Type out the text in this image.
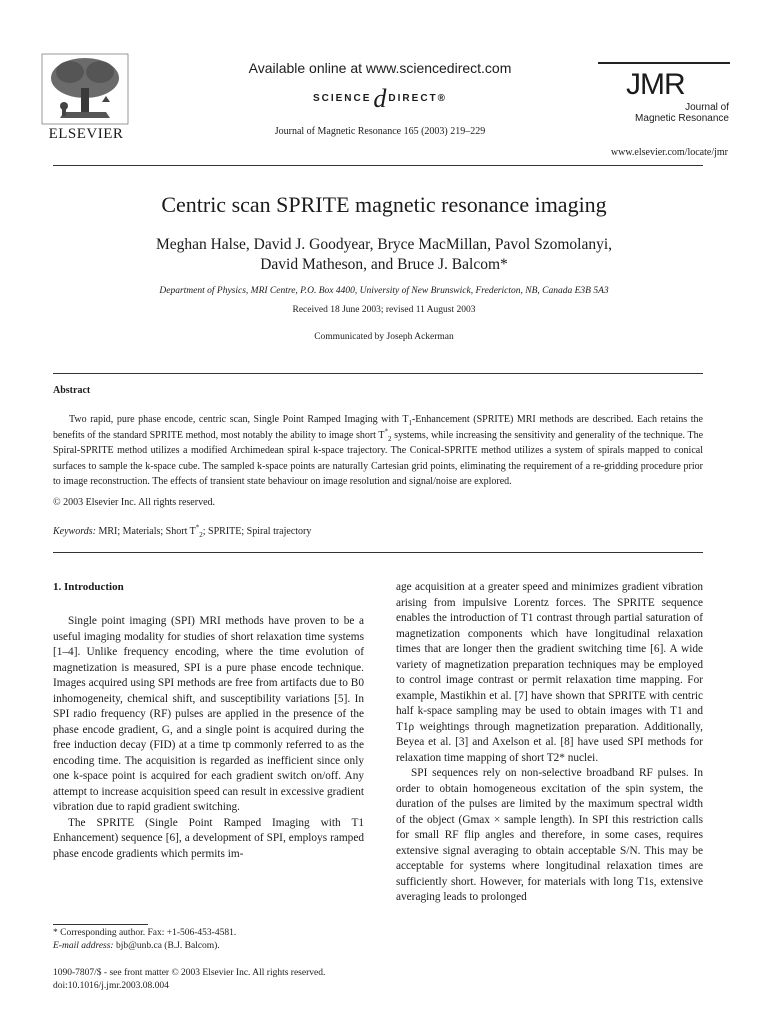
ELSEVIER
Available online at www.sciencedirect.com
SCIENCEd DIRECT®
Journal of Magnetic Resonance 165 (2003) 219–229
JMR
Journal of
Magnetic Resonance
www.elsevier.com/locate/jmr
Centric scan SPRITE magnetic resonance imaging
Meghan Halse, David J. Goodyear, Bryce MacMillan, Pavol Szomolanyi,
David Matheson, and Bruce J. Balcom*
Department of Physics, MRI Centre, P.O. Box 4400, University of New Brunswick, Fredericton, NB, Canada E3B 5A3
Received 18 June 2003; revised 11 August 2003
Communicated by Joseph Ackerman
Abstract
Two rapid, pure phase encode, centric scan, Single Point Ramped Imaging with $T_1$-Enhancement (SPRITE) MRI methods are described. Each retains the benefits of the standard SPRITE method, most notably the ability to image short $T^*_2$ systems, while increasing the sensitivity and generality of the technique. The Spiral-SPRITE method utilizes a modified Archimedean spiral k-space trajectory. The Conical-SPRITE method utilizes a system of spirals mapped to conical surfaces to sample the k-space cube. The sampled k-space points are naturally Cartesian grid points, eliminating the requirement of a re-gridding procedure prior to image reconstruction. The effects of transient state behaviour on image resolution and signal/noise are explored.
© 2003 Elsevier Inc. All rights reserved.
Keywords: MRI; Materials; Short $T^*_2$; SPRITE; Spiral trajectory
1. Introduction

Single point imaging (SPI) MRI methods have proven to be a useful imaging modality for studies of short relaxation time systems [1–4]. Unlike frequency encoding, where the time evolution of magnetization is measured, SPI is a pure phase encode technique. Images acquired using SPI methods are free from artifacts due to B0 inhomogeneity, chemical shift, and susceptibility variations [5]. In SPI radio frequency (RF) pulses are applied in the presence of the phase encode gradient, G, and a single point is acquired during the free induction decay (FID) at a time tp commonly referred to as the encoding time. The acquisition is regarded as inefficient since only one k-space point is acquired for each gradient switch on/off. Any attempt to increase acquisition speed can result in excessive gradient vibration due to rapid gradient switching.

The SPRITE (Single Point Ramped Imaging with T1 Enhancement) sequence [6], a development of SPI, employs ramped phase encode gradients which permits im-

age acquisition at a greater speed and minimizes gradient vibration arising from impulsive Lorentz forces. The SPRITE sequence enables the introduction of T1 contrast through partial saturation of magnetization components which have longitudinal relaxation times that are longer then the gradient switching time [6]. A wide variety of magnetization preparation techniques may be employed to control image contrast or permit relaxation time mapping. For example, Mastikhin et al. [7] have shown that SPRITE with centric half k-space sampling may be used to obtain images with T1 and T1ρ weightings through magnetization preparation. Additionally, Beyea et al. [3] and Axelson et al. [8] have used SPI methods for relaxation time mapping of short T2* nuclei.

SPI sequences rely on non-selective broadband RF pulses. In order to obtain homogeneous excitation of the spin system, the duration of the pulses are limited by the maximum spectral width of the object (Gmax × sample length). In SPI this restriction calls for small RF flip angles and therefore, in some cases, requires extensive signal averaging to obtain acceptable S/N. This may be acceptable for systems where longitudinal relaxation times are sufficiently short. However, for materials with long T1s, extensive averaging leads to prolonged

* Corresponding author. Fax: +1-506-453-4581.
E-mail address: bjb@unb.ca (B.J. Balcom).
1090-7807/$ - see front matter © 2003 Elsevier Inc. All rights reserved.
doi:10.1016/j.jmr.2003.08.004
